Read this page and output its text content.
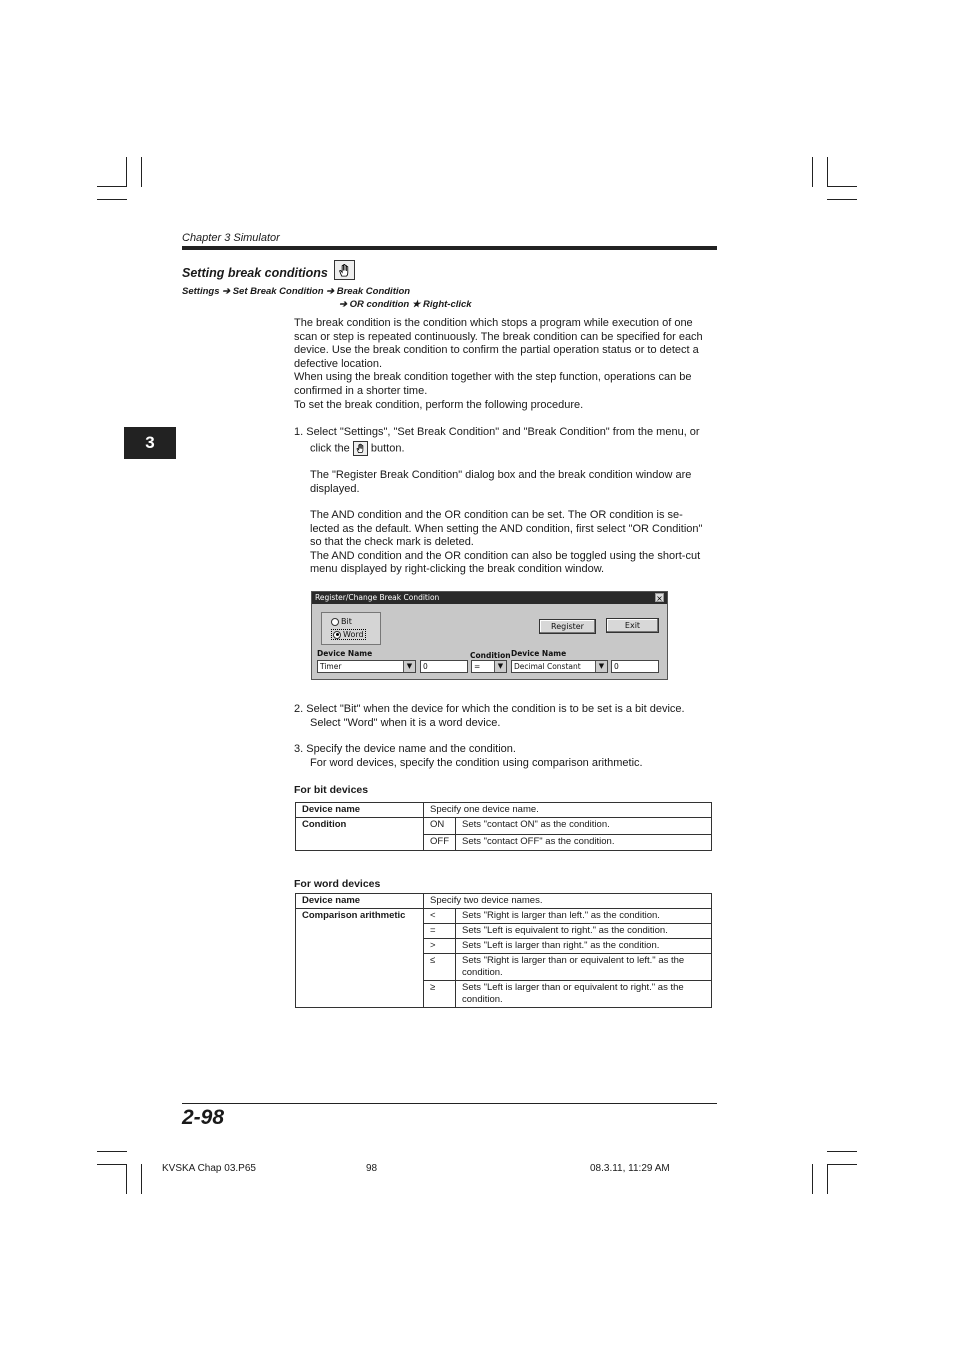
Chapter 3 Simulator
3
Setting break conditions
Settings ➔ Set Break Condition ➔ Break Condition
➔ OR condition ★ Right-click

The break condition is the condition which stops a program while execution of one

scan or step is repeated continuously. The break condition can be specified for each

device. Use the break condition to confirm the partial operation status or to detect a

defective location.

When using the break condition together with the step function, operations can be

confirmed in a shorter time.

To set the break condition, perform the following procedure.

1. Select "Settings", "Set Break Condition" and "Break Condition" from the menu, or

click the button.

The "Register Break Condition" dialog box and the break condition window are

displayed.

The AND condition and the OR condition can be set. The OR condition is se-

lected as the default. When setting the AND condition, first select "OR Condition"

so that the check mark is deleted.

The AND condition and the OR condition can also be toggled using the short-cut

menu displayed by right-clicking the break condition window.

Register/Change Break Condition	×
Bit
Word
Register	Exit
Device Name	Condition Device Name
Timer	▼	0	=	▼	Decimal Constant	▼	0

2. Select "Bit" when the device for which the condition is to be set is a bit device.

Select "Word" when it is a word device.

3. Specify the device name and the condition.

For word devices, specify the condition using comparison arithmetic.

For bit devices
Device name	Specify one device name.	
Condition	ON	Sets "contact ON" as the condition.
	OFF	Sets "contact OFF" as the condition.
For word devices
Device name	Specify two device names.	
Comparison arithmetic	<	Sets "Right is larger than left." as the condition.
	=	Sets "Left is equivalent to right." as the condition.
	>	Sets "Left is larger than right." as the condition.
	≤	Sets "Right is larger than or equivalent to left." as the condition.
	≥	Sets "Left is larger than or equivalent to right." as the condition.
2-98
KVSKA Chap 03.P65	98	08.3.11, 11:29 AM
